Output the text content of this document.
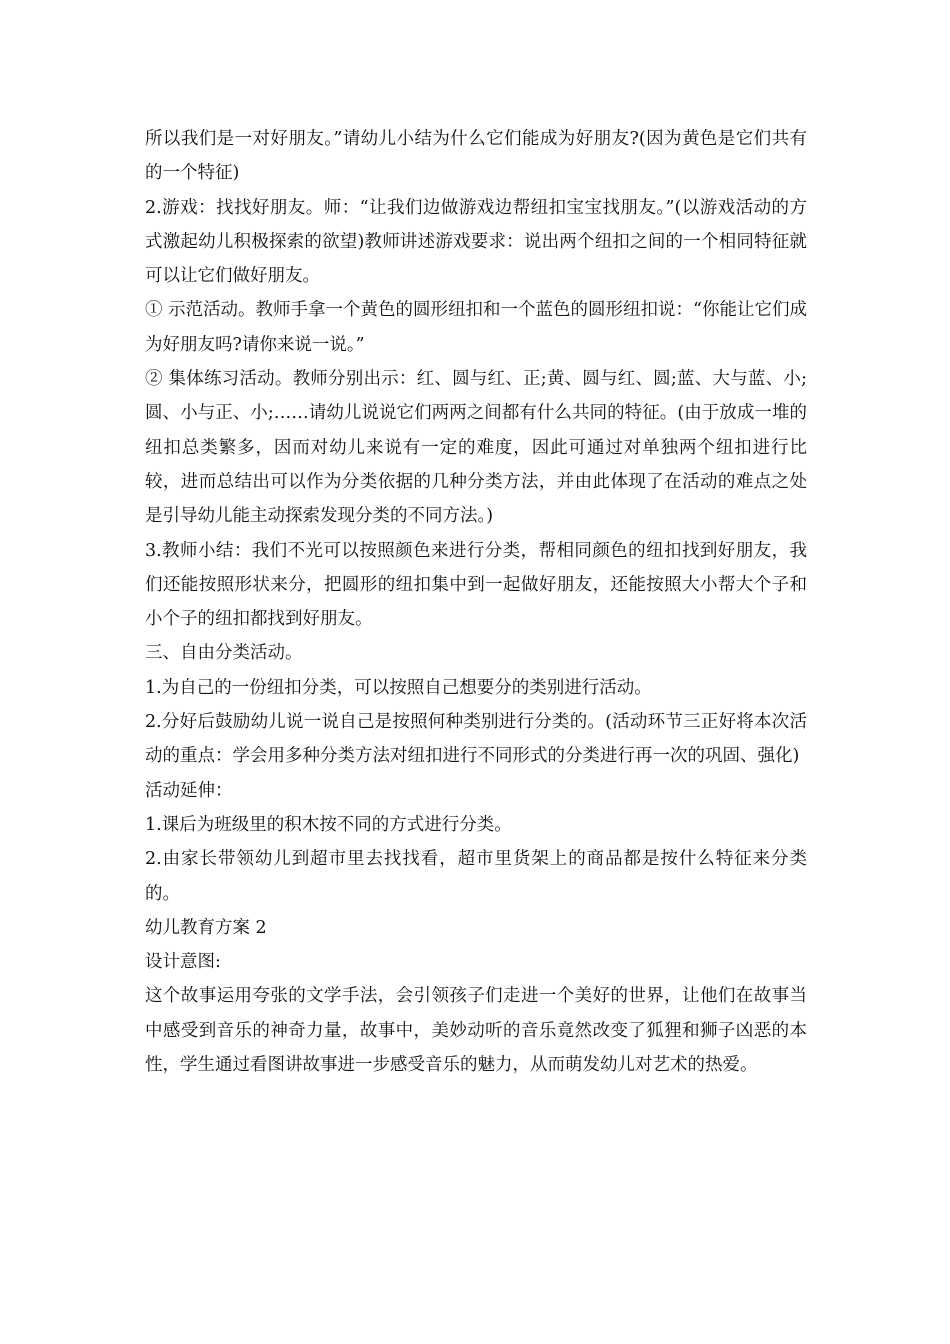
所以我们是一对好朋友。”请幼儿小结为什么它们能成为好朋友?(因为黄色是它们共有的一个特征)

2.游戏：找找好朋友。师：“让我们边做游戏边帮纽扣宝宝找朋友。”(以游戏活动的方式激起幼儿积极探索的欲望)教师讲述游戏要求：说出两个纽扣之间的一个相同特征就可以让它们做好朋友。

① 示范活动。教师手拿一个黄色的圆形纽扣和一个蓝色的圆形纽扣说：“你能让它们成为好朋友吗?请你来说一说。”

② 集体练习活动。教师分别出示：红、圆与红、正;黄、圆与红、圆;蓝、大与蓝、小;圆、小与正、小;……请幼儿说说它们两两之间都有什么共同的特征。(由于放成一堆的纽扣总类繁多，因而对幼儿来说有一定的难度，因此可通过对单独两个纽扣进行比较，进而总结出可以作为分类依据的几种分类方法，并由此体现了在活动的难点之处是引导幼儿能主动探索发现分类的不同方法。)

3.教师小结：我们不光可以按照颜色来进行分类，帮相同颜色的纽扣找到好朋友，我们还能按照形状来分，把圆形的纽扣集中到一起做好朋友，还能按照大小帮大个子和小个子的纽扣都找到好朋友。

三、自由分类活动。

1.为自己的一份纽扣分类，可以按照自己想要分的类别进行活动。

2.分好后鼓励幼儿说一说自己是按照何种类别进行分类的。(活动环节三正好将本次活动的重点：学会用多种分类方法对纽扣进行不同形式的分类进行再一次的巩固、强化)

活动延伸：

1.课后为班级里的积木按不同的方式进行分类。

2.由家长带领幼儿到超市里去找找看，超市里货架上的商品都是按什么特征来分类的。

幼儿教育方案 2

设计意图:

这个故事运用夸张的文学手法，会引领孩子们走进一个美好的世界，让他们在故事当中感受到音乐的神奇力量，故事中，美妙动听的音乐竟然改变了狐狸和狮子凶恶的本性，学生通过看图讲故事进一步感受音乐的魅力，从而萌发幼儿对艺术的热爱。
